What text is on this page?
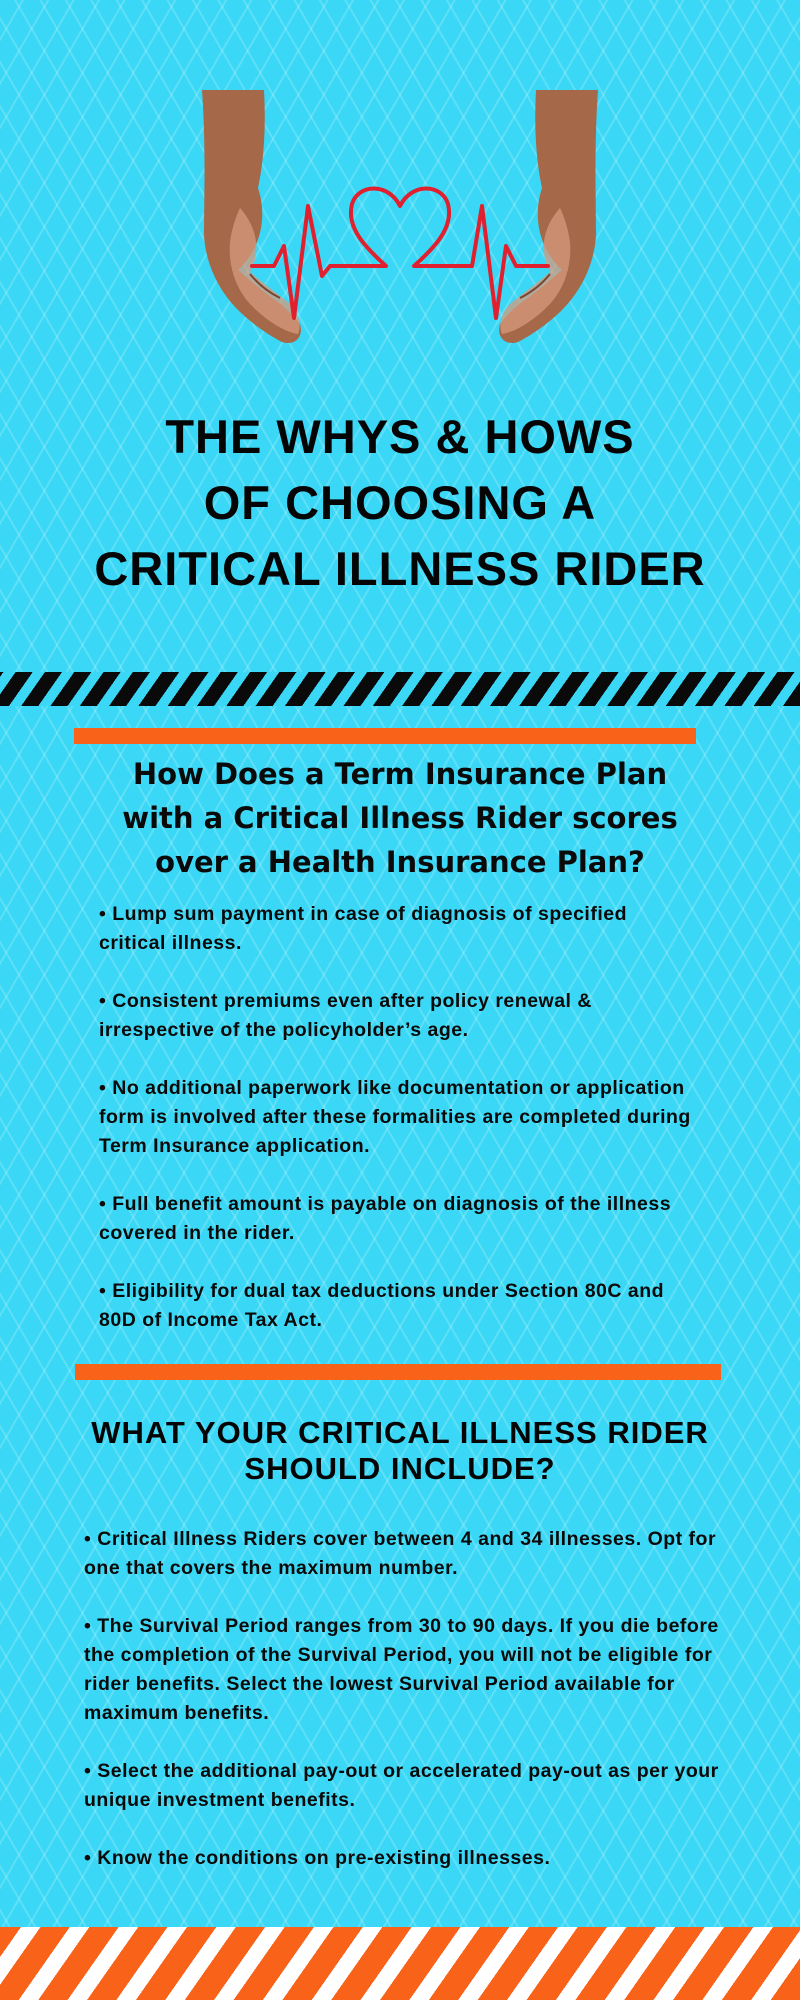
THE WHYS & HOWS
OF CHOOSING A
CRITICAL ILLNESS RIDER
How Does a Term Insurance Plan
with a Critical Illness Rider scores
over a Health Insurance Plan?
• Lump sum payment in case of diagnosis of specified critical illness.
• Consistent premiums even after policy renewal & irrespective of the policyholder’s age.
• No additional paperwork like documentation or application form is involved after these formalities are completed during Term Insurance application.
• Full benefit amount is payable on diagnosis of the illness covered in the rider.
• Eligibility for dual tax deductions under Section 80C and 80D of Income Tax Act.
WHAT YOUR CRITICAL ILLNESS RIDER
SHOULD INCLUDE?
• Critical Illness Riders cover between 4 and 34 illnesses. Opt for one that covers the maximum number.
• The Survival Period ranges from 30 to 90 days. If you die before the completion of the Survival Period, you will not be eligible for rider benefits. Select the lowest Survival Period available for maximum benefits.
• Select the additional pay-out or accelerated pay-out as per your unique investment benefits.
• Know the conditions on pre-existing illnesses.
